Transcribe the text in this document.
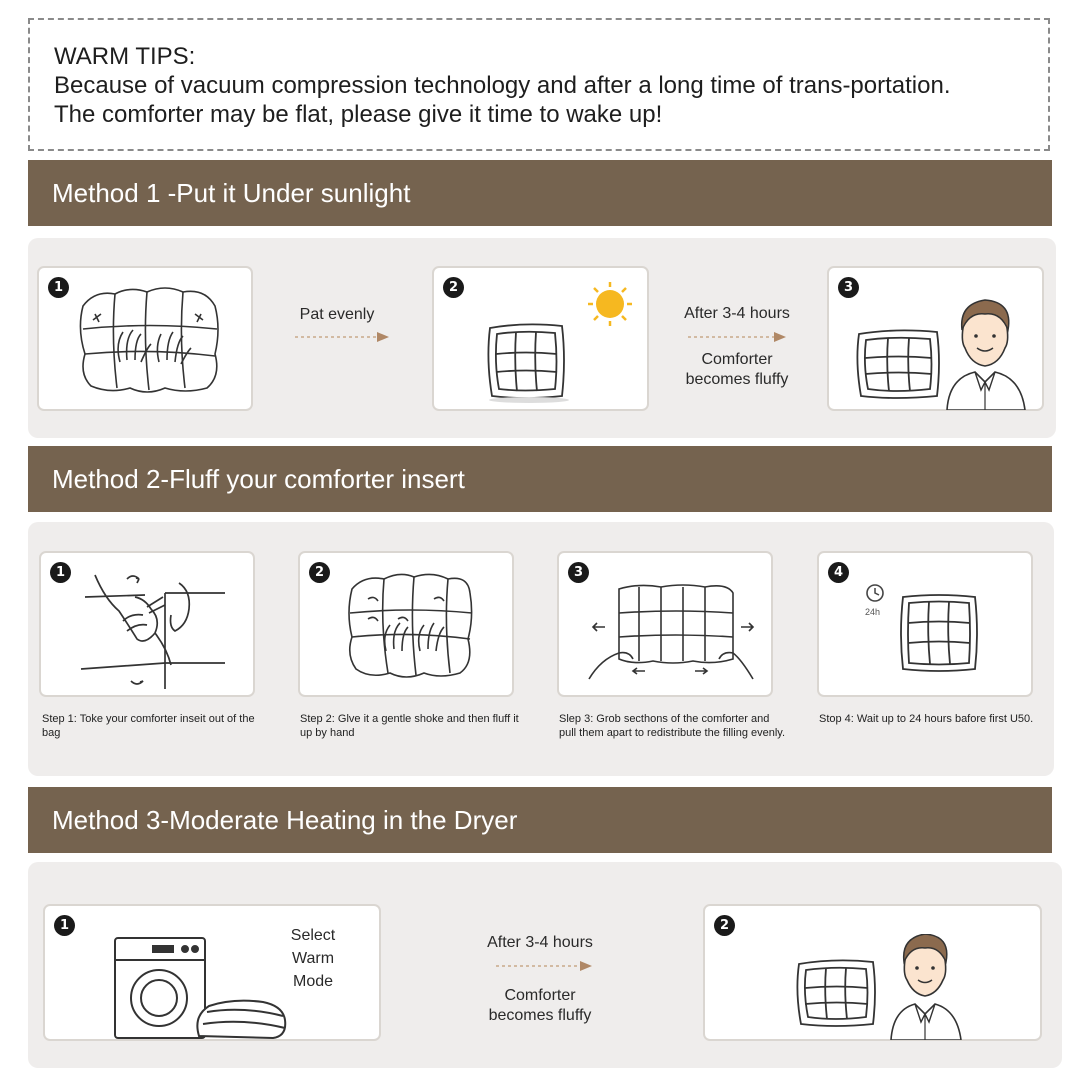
WARM TIPS:
Because of vacuum compression technology and after a long time of trans-portation.
The comforter may be flat, please give it time to wake up!
Method 1 -Put it Under sunlight
1
Pat evenly
2
After 3-4 hours
Comforter
becomes fluffy
3
Method 2-Fluff your comforter insert
1
Step 1: Toke your comforter inseit out of the bag
2
Step 2: Glve it a gentle shoke and then fluff it up by hand
3
Slep 3: Grob secthons of the comforter and pull them apart to redistribute the filling evenly.
4
24h
Stop 4: Wait up to 24 hours bafore first U50.
Method 3-Moderate Heating in the Dryer
1
Select
Warm
Mode
After 3-4 hours
Comforter
becomes fluffy
2
